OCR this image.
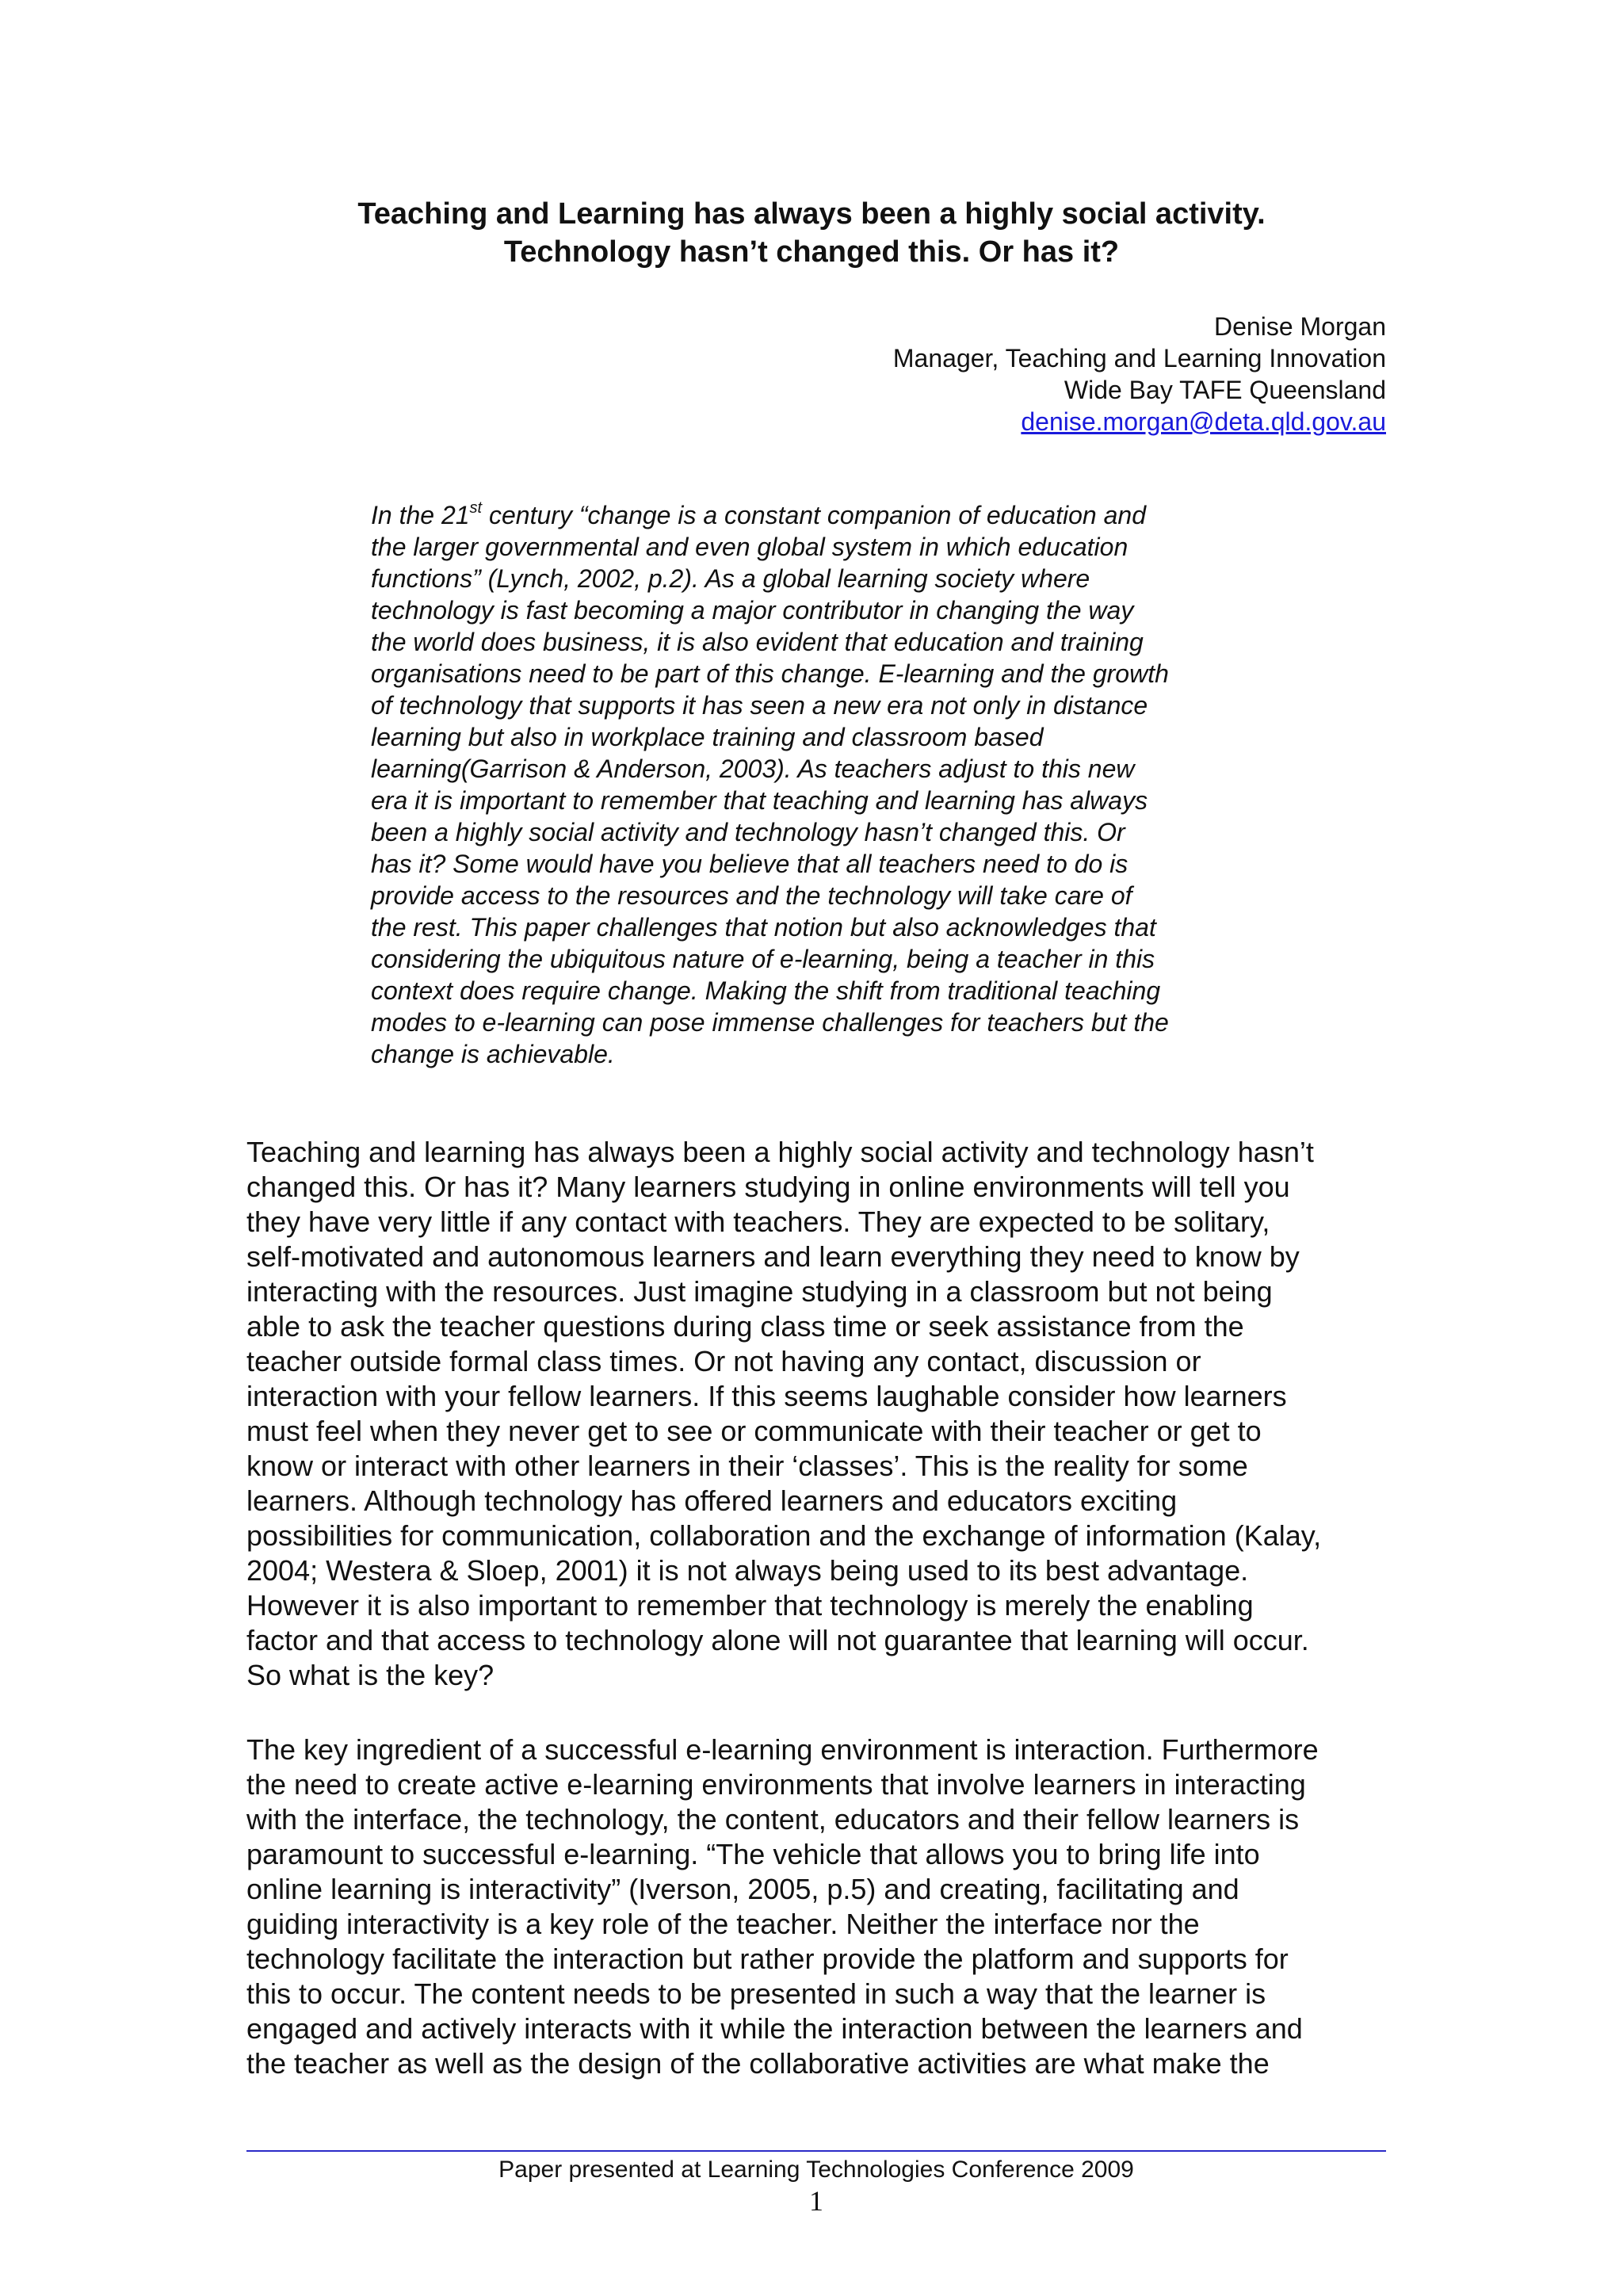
Teaching and Learning has always been a highly social activity.
Technology hasn’t changed this. Or has it?
Denise Morgan
Manager, Teaching and Learning Innovation
Wide Bay TAFE Queensland
denise.morgan@deta.qld.gov.au
In the 21st century “change is a constant companion of education and
the larger governmental and even global system in which education
functions” (Lynch, 2002, p.2). As a global learning society where
technology is fast becoming a major contributor in changing the way
the world does business, it is also evident that education and training
organisations need to be part of this change. E-learning and the growth
of technology that supports it has seen a new era not only in distance
learning but also in workplace training and classroom based
learning(Garrison & Anderson, 2003). As teachers adjust to this new
era it is important to remember that teaching and learning has always
been a highly social activity and technology hasn’t changed this. Or
has it? Some would have you believe that all teachers need to do is
provide access to the resources and the technology will take care of
the rest. This paper challenges that notion but also acknowledges that
considering the ubiquitous nature of e-learning, being a teacher in this
context does require change. Making the shift from traditional teaching
modes to e-learning can pose immense challenges for teachers but the
change is achievable.
Teaching and learning has always been a highly social activity and technology hasn’t
changed this. Or has it? Many learners studying in online environments will tell you
they have very little if any contact with teachers. They are expected to be solitary,
self-motivated and autonomous learners and learn everything they need to know by
interacting with the resources. Just imagine studying in a classroom but not being
able to ask the teacher questions during class time or seek assistance from the
teacher outside formal class times. Or not having any contact, discussion or
interaction with your fellow learners. If this seems laughable consider how learners
must feel when they never get to see or communicate with their teacher or get to
know or interact with other learners in their ‘classes’. This is the reality for some
learners. Although technology has offered learners and educators exciting
possibilities for communication, collaboration and the exchange of information (Kalay,
2004; Westera & Sloep, 2001) it is not always being used to its best advantage.
However it is also important to remember that technology is merely the enabling
factor and that access to technology alone will not guarantee that learning will occur.
So what is the key?
The key ingredient of a successful e-learning environment is interaction. Furthermore
the need to create active e-learning environments that involve learners in interacting
with the interface, the technology, the content, educators and their fellow learners is
paramount to successful e-learning. “The vehicle that allows you to bring life into
online learning is interactivity” (Iverson, 2005, p.5) and creating, facilitating and
guiding interactivity is a key role of the teacher. Neither the interface nor the
technology facilitate the interaction but rather provide the platform and supports for
this to occur. The content needs to be presented in such a way that the learner is
engaged and actively interacts with it while the interaction between the learners and
the teacher as well as the design of the collaborative activities are what make the
Paper presented at Learning Technologies Conference 2009
1
